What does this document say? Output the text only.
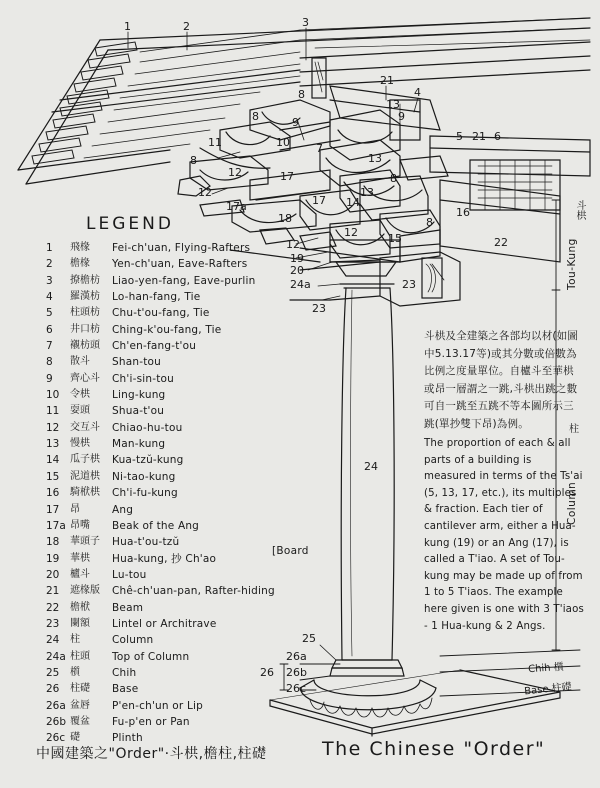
1	2	3
21
4
8
13
9
8	9
5 21 6
11	10 7
8	13
12	17	8
12	13
17a	17 14
16
18	8
12	15	22
12
19
20
24a	23
23
24
25
26a
26 26b
26c
LEGEND
1	飛椽	Fei-ch'uan, Flying-Rafters
2	檐椽	Yen-ch'uan, Eave-Rafters
3	撩檐枋	Liao-yen-fang, Eave-purlin
4	羅漢枋	Lo-han-fang, Tie
5	柱頭枋	Chu-t'ou-fang, Tie
6	井口枋	Ching-k'ou-fang, Tie
7	襯枋頭	Ch'en-fang-t'ou
8	散斗	Shan-tou
9	齊心斗	Ch'i-sin-tou
10	令栱	Ling-kung
11	耍頭	Shua-t'ou
12	交互斗	Chiao-hu-tou
13	慢栱	Man-kung
14	瓜子栱	Kua-tzŭ-kung
15	泥道栱	Ni-tao-kung
16	騎栿栱	Ch'i-fu-kung
17	昂	Ang
17a 昂嘴	Beak of the Ang
18	華頭子	Hua-t'ou-tzŭ
19	華栱	Hua-kung, 抄 Ch'ao
20	櫨斗	Lu-tou
21	遮椽版	Chê-ch'uan-pan, Rafter-hiding
22	檐栿	Beam
23	闌額	Lintel or Architrave
24	柱	Column
24a 柱頭	Top of Column
25	櫍	Chih
26	柱礎	Base
26a 盆唇	P'en-ch'un or Lip
26b 覆盆	Fu-p'en or Pan
26c 礎	Plinth
[Board

斗栱及全建築之各部均以材(如圖中5.13.17等)或其分數或倍數為比例之度量單位。自櫨斗至華栱或昂一層謂之一跳,斗栱出跳之數可自一跳至五跳不等本圖所示三跳(單抄雙下昂)為例。

The proportion of each & all parts of a building is measured in terms of the Ts'ai (5, 13, 17, etc.), its multiples & fraction. Each tier of cantilever arm, either a Hua-kung (19) or an Ang (17), is called a T'iao. A set of Tou-kung may be made up of from 1 to 5 T'iaos. The example here given is one with 3 T'iaos - 1 Hua-kung & 2 Angs.

Tou-Kung
斗栱
Column
柱
Chih 櫍
Base 柱礎
中國建築之"Order"·斗栱,檐柱,柱礎	The Chinese "Order"
